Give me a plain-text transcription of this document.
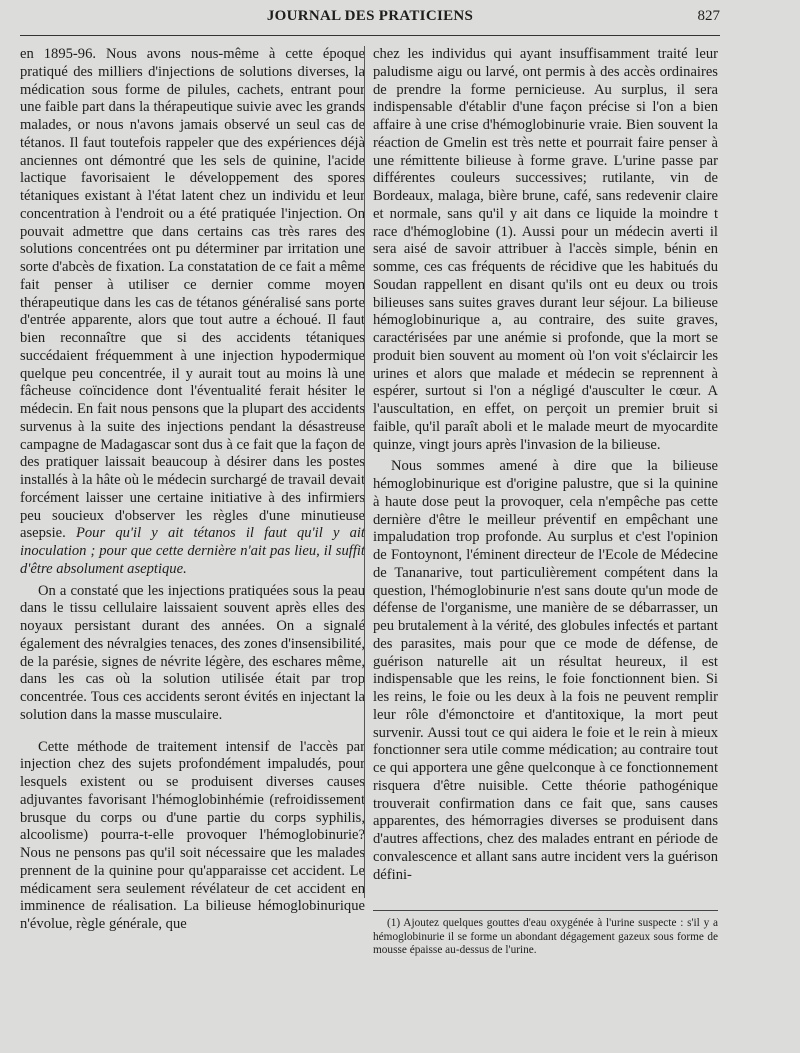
JOURNAL DES PRATICIENS	827

en 1895-96. Nous avons nous-même à cette époque pratiqué des milliers d'injections de solutions diverses, la médication sous forme de pilules, cachets, entrant pour une faible part dans la thérapeutique suivie avec les grands malades, or nous n'avons jamais observé un seul cas de tétanos. Il faut toutefois rappeler que des expériences déjà anciennes ont démontré que les sels de quinine, l'acide lactique favorisaient le développement des spores tétaniques existant à l'état latent chez un individu et leur concentration à l'endroit ou a été pratiquée l'injection. On pouvait admettre que dans certains cas très rares des solutions concentrées ont pu déterminer par irritation une sorte d'abcès de fixation. La constatation de ce fait a même fait penser à utiliser ce dernier comme moyen thérapeutique dans les cas de tétanos généralisé sans porte d'entrée apparente, alors que tout autre a échoué. Il faut bien reconnaître que si des accidents tétaniques succédaient fréquemment à une injection hypodermique quelque peu concentrée, il y aurait tout au moins là une fâcheuse coïncidence dont l'éventualité ferait hésiter le médecin. En fait nous pensons que la plupart des accidents survenus à la suite des injections pendant la désastreuse campagne de Madagascar sont dus à ce fait que la façon de des pratiquer laissait beaucoup à désirer dans les postes installés à la hâte où le médecin surchargé de travail devait forcément laisser une certaine initiative à des infirmiers peu soucieux d'observer les règles d'une minutieuse asepsie. Pour qu'il y ait tétanos il faut qu'il y ait inoculation ; pour que cette dernière n'ait pas lieu, il suffit d'être absolument aseptique.

On a constaté que les injections pratiquées sous la peau dans le tissu cellulaire laissaient souvent après elles des noyaux persistant durant des années. On a signalé également des névralgies tenaces, des zones d'insensibilité, de la parésie, signes de névrite légère, des eschares même, dans les cas où la solution utilisée était par trop concentrée. Tous ces accidents seront évités en injectant la solution dans la masse musculaire.

Cette méthode de traitement intensif de l'accès par injection chez des sujets profondément impaludés, pour lesquels existent ou se produisent diverses causes adjuvantes favorisant l'hémoglobinhémie (refroidissement brusque du corps ou d'une partie du corps syphilis, alcoolisme) pourra-t-elle provoquer l'hémoglobinurie? Nous ne pensons pas qu'il soit nécessaire que les malades prennent de la quinine pour qu'apparaisse cet accident. Le médicament sera seulement révélateur de cet accident en imminence de réalisation. La bilieuse hémoglobinurique n'évolue, règle générale, que

chez les individus qui ayant insuffisamment traité leur paludisme aigu ou larvé, ont permis à des accès ordinaires de prendre la forme pernicieuse. Au surplus, il sera indispensable d'établir d'une façon précise si l'on a bien affaire à une crise d'hémoglobinurie vraie. Bien souvent la réaction de Gmelin est très nette et pourrait faire penser à une rémittente bilieuse à forme grave. L'urine passe par différentes couleurs successives; rutilante, vin de Bordeaux, malaga, bière brune, café, sans redevenir claire et normale, sans qu'il y ait dans ce liquide la moindre t race d'hémoglobine (1). Aussi pour un médecin averti il sera aisé de savoir attribuer à l'accès simple, bénin en somme, ces cas fréquents de récidive que les habitués du Soudan rappellent en disant qu'ils ont eu deux ou trois bilieuses sans suites graves durant leur séjour. La bilieuse hémoglobinurique a, au contraire, des suite graves, caractérisées par une anémie si profonde, que la mort se produit bien souvent au moment où l'on voit s'éclaircir les urines et alors que malade et médecin se reprennent à espérer, surtout si l'on a négligé d'ausculter le cœur. A l'auscultation, en effet, on perçoit un premier bruit si faible, qu'il paraît aboli et le malade meurt de myocardite quinze, vingt jours après l'invasion de la bilieuse.

Nous sommes amené à dire que la bilieuse hémoglobinurique est d'origine palustre, que si la quinine à haute dose peut la provoquer, cela n'empêche pas cette dernière d'être le meilleur préventif en empêchant une impaludation trop profonde. Au surplus et c'est l'opinion de Fontoynont, l'éminent directeur de l'Ecole de Médecine de Tananarive, tout particulièrement compétent dans la question, l'hémoglobinurie n'est sans doute qu'un mode de défense de l'organisme, une manière de se débarrasser, un peu brutalement à la vérité, des globules infectés et partant des parasites, mais pour que ce mode de défense, de guérison naturelle ait un résultat heureux, il est indispensable que les reins, le foie fonctionnent bien. Si les reins, le foie ou les deux à la fois ne peuvent remplir leur rôle d'émonctoire et d'antitoxique, la mort peut survenir. Aussi tout ce qui aidera le foie et le rein à mieux fonctionner sera utile comme médication; au contraire tout ce qui apportera une gêne quelconque à ce fonctionnement risquera d'être nuisible. Cette théorie pathogénique trouverait confirmation dans ce fait que, sans causes apparentes, des hémorragies diverses se produisent dans d'autres affections, chez des malades entrant en période de convalescence et allant sans autre incident vers la guérison défini-

(1) Ajoutez quelques gouttes d'eau oxygénée à l'urine suspecte : s'il y a hémoglobinurie il se forme un abondant dégagement gazeux sous forme de mousse épaisse au-dessus de l'urine.
